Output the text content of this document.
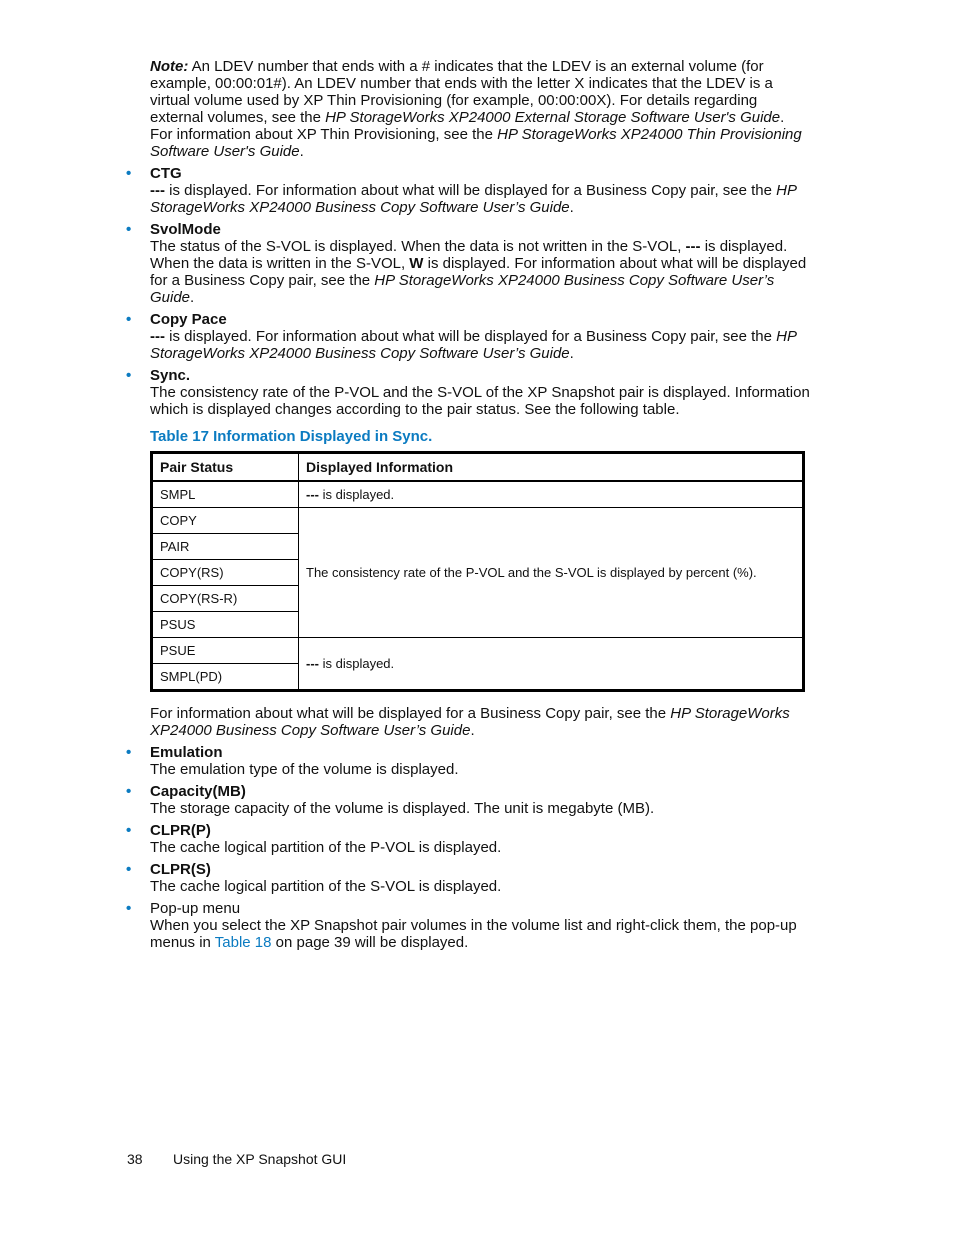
Note: An LDEV number that ends with a # indicates that the LDEV is an external volume (for example, 00:00:01#). An LDEV number that ends with the letter X indicates that the LDEV is a virtual volume used by XP Thin Provisioning (for example, 00:00:00X). For details regarding external volumes, see the HP StorageWorks XP24000 External Storage Software User's Guide. For information about XP Thin Provisioning, see the HP StorageWorks XP24000 Thin Provisioning Software User's Guide.

• CTG

--- is displayed. For information about what will be displayed for a Business Copy pair, see the HP StorageWorks XP24000 Business Copy Software User’s Guide.

• SvolMode

The status of the S-VOL is displayed. When the data is not written in the S-VOL, --- is displayed. When the data is written in the S-VOL, W is displayed. For information about what will be displayed for a Business Copy pair, see the HP StorageWorks XP24000 Business Copy Software User’s Guide.

• Copy Pace

--- is displayed. For information about what will be displayed for a Business Copy pair, see the HP StorageWorks XP24000 Business Copy Software User’s Guide.

• Sync.

The consistency rate of the P-VOL and the S-VOL of the XP Snapshot pair is displayed. Information which is displayed changes according to the pair status. See the following table.

Table 17 Information Displayed in Sync.

Pair Status	Displayed Information
SMPL	--- is displayed.
COPY	The consistency rate of the P-VOL and the S-VOL is displayed by percent (%).
PAIR	
COPY(RS)	
COPY(RS-R)	
PSUS	
PSUE	--- is displayed.
SMPL(PD)	

For information about what will be displayed for a Business Copy pair, see the HP StorageWorks XP24000 Business Copy Software User’s Guide.

• Emulation

The emulation type of the volume is displayed.

• Capacity(MB)

The storage capacity of the volume is displayed. The unit is megabyte (MB).

• CLPR(P)

The cache logical partition of the P-VOL is displayed.

• CLPR(S)

The cache logical partition of the S-VOL is displayed.

• Pop-up menu

When you select the XP Snapshot pair volumes in the volume list and right-click them, the pop-up menus in Table 18 on page 39 will be displayed.

38 Using the XP Snapshot GUI
